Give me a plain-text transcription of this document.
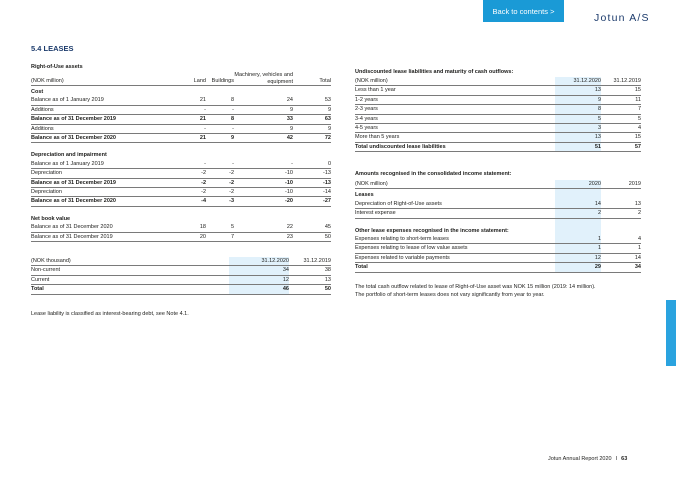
Back to contents >
Jotun A/S
5.4 LEASES
Right-of-Use assets
(NOK million)	Land	Buildings	Machinery, vehicles and equipment	Total
Cost				
Balance as of 1 January 2019	21	8	24	53
Additions	-	-	9	9
Balance as of 31 December 2019	21	8	33	63
Additions	-	-	9	9
Balance as of 31 December 2020	21	9	42	72

Depreciation and impairment				
Balance as of 1 January 2019	-	-	-	0
Depreciation	-2	-2	-10	-13
Balance as of 31 December 2019	-2	-2	-10	-13
Depreciation	-2	-2	-10	-14
Balance as of 31 December 2020	-4	-3	-20	-27

Net book value				
Balance as of 31 December 2020	18	5	22	45
Balance as of 31 December 2019	20	7	23	50
(NOK thousand)	31.12.2020	31.12.2019
Non-current	34	38
Current	12	13
Total	46	50
Lease liability is classified as interest-bearing debt, see Note 4.1.
Undiscounted lease liabilities and maturity of cash outflows:
(NOK million)	31.12.2020	31.12.2019
Less than 1 year	13	15
1-2 years	9	11
2-3 years	8	7
3-4 years	5	5
4-5 years	3	4
More than 5 years	13	15
Total undiscounted lease liabilities	51	57
Amounts recognised in the consolidated income statement:
(NOK million)	2020	2019
Leases		
Depreciation of Right-of-Use assets	14	13
Interest expense	2	2

Other lease expenses recognised in the income statement:		
Expenses relating to short-term leases	1	4
Expenses relating to lease of low value assets	1	1
Expenses related to variable payments	12	14
Total	29	34
The total cash outflow related to lease of Right-of-Use asset was NOK 15 million (2019: 14 million).
The portfolio of short-term leases does not vary significantly from year to year.
Jotun Annual Report 2020 I 63
